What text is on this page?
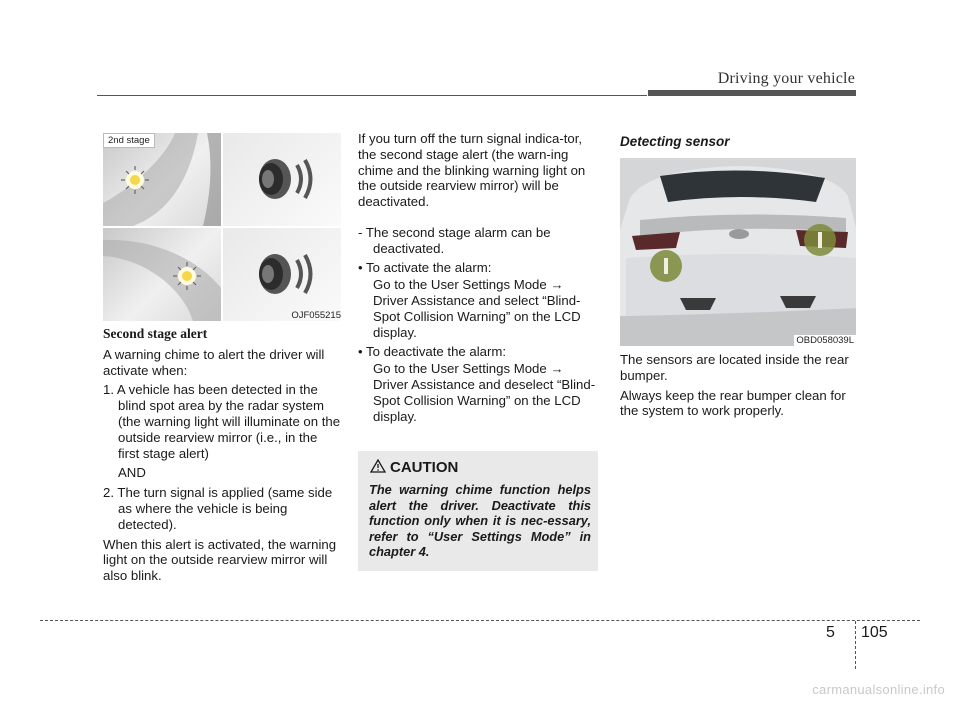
Driving your vehicle
2nd stage
OJF055215

Second stage alert

A warning chime to alert the driver will activate when:

1. A vehicle has been detected in the blind spot area by the radar system (the warning light will illuminate on the outside rearview mirror (i.e., in the first stage alert)

AND

2. The turn signal is applied (same side as where the vehicle is being detected).

When this alert is activated, the warning light on the outside rearview mirror will also blink.

If you turn off the turn signal indica-tor, the second stage alert (the warn-ing chime and the blinking warning light on the outside rearview mirror) will be deactivated.

- The second stage alarm can be deactivated.

• To activate the alarm:

Go to the User Settings Mode → Driver Assistance and select “Blind-Spot Collision Warning” on the LCD display.

• To deactivate the alarm:

Go to the User Settings Mode → Driver Assistance and deselect “Blind-Spot Collision Warning” on the LCD display.

CAUTION
The warning chime function helps alert the driver. Deactivate this function only when it is nec-essary, refer to “User Settings Mode” in chapter 4.
Detecting sensor
OBD058039L

The sensors are located inside the rear bumper.

Always keep the rear bumper clean for the system to work properly.

5 105
carmanualsonline.info
